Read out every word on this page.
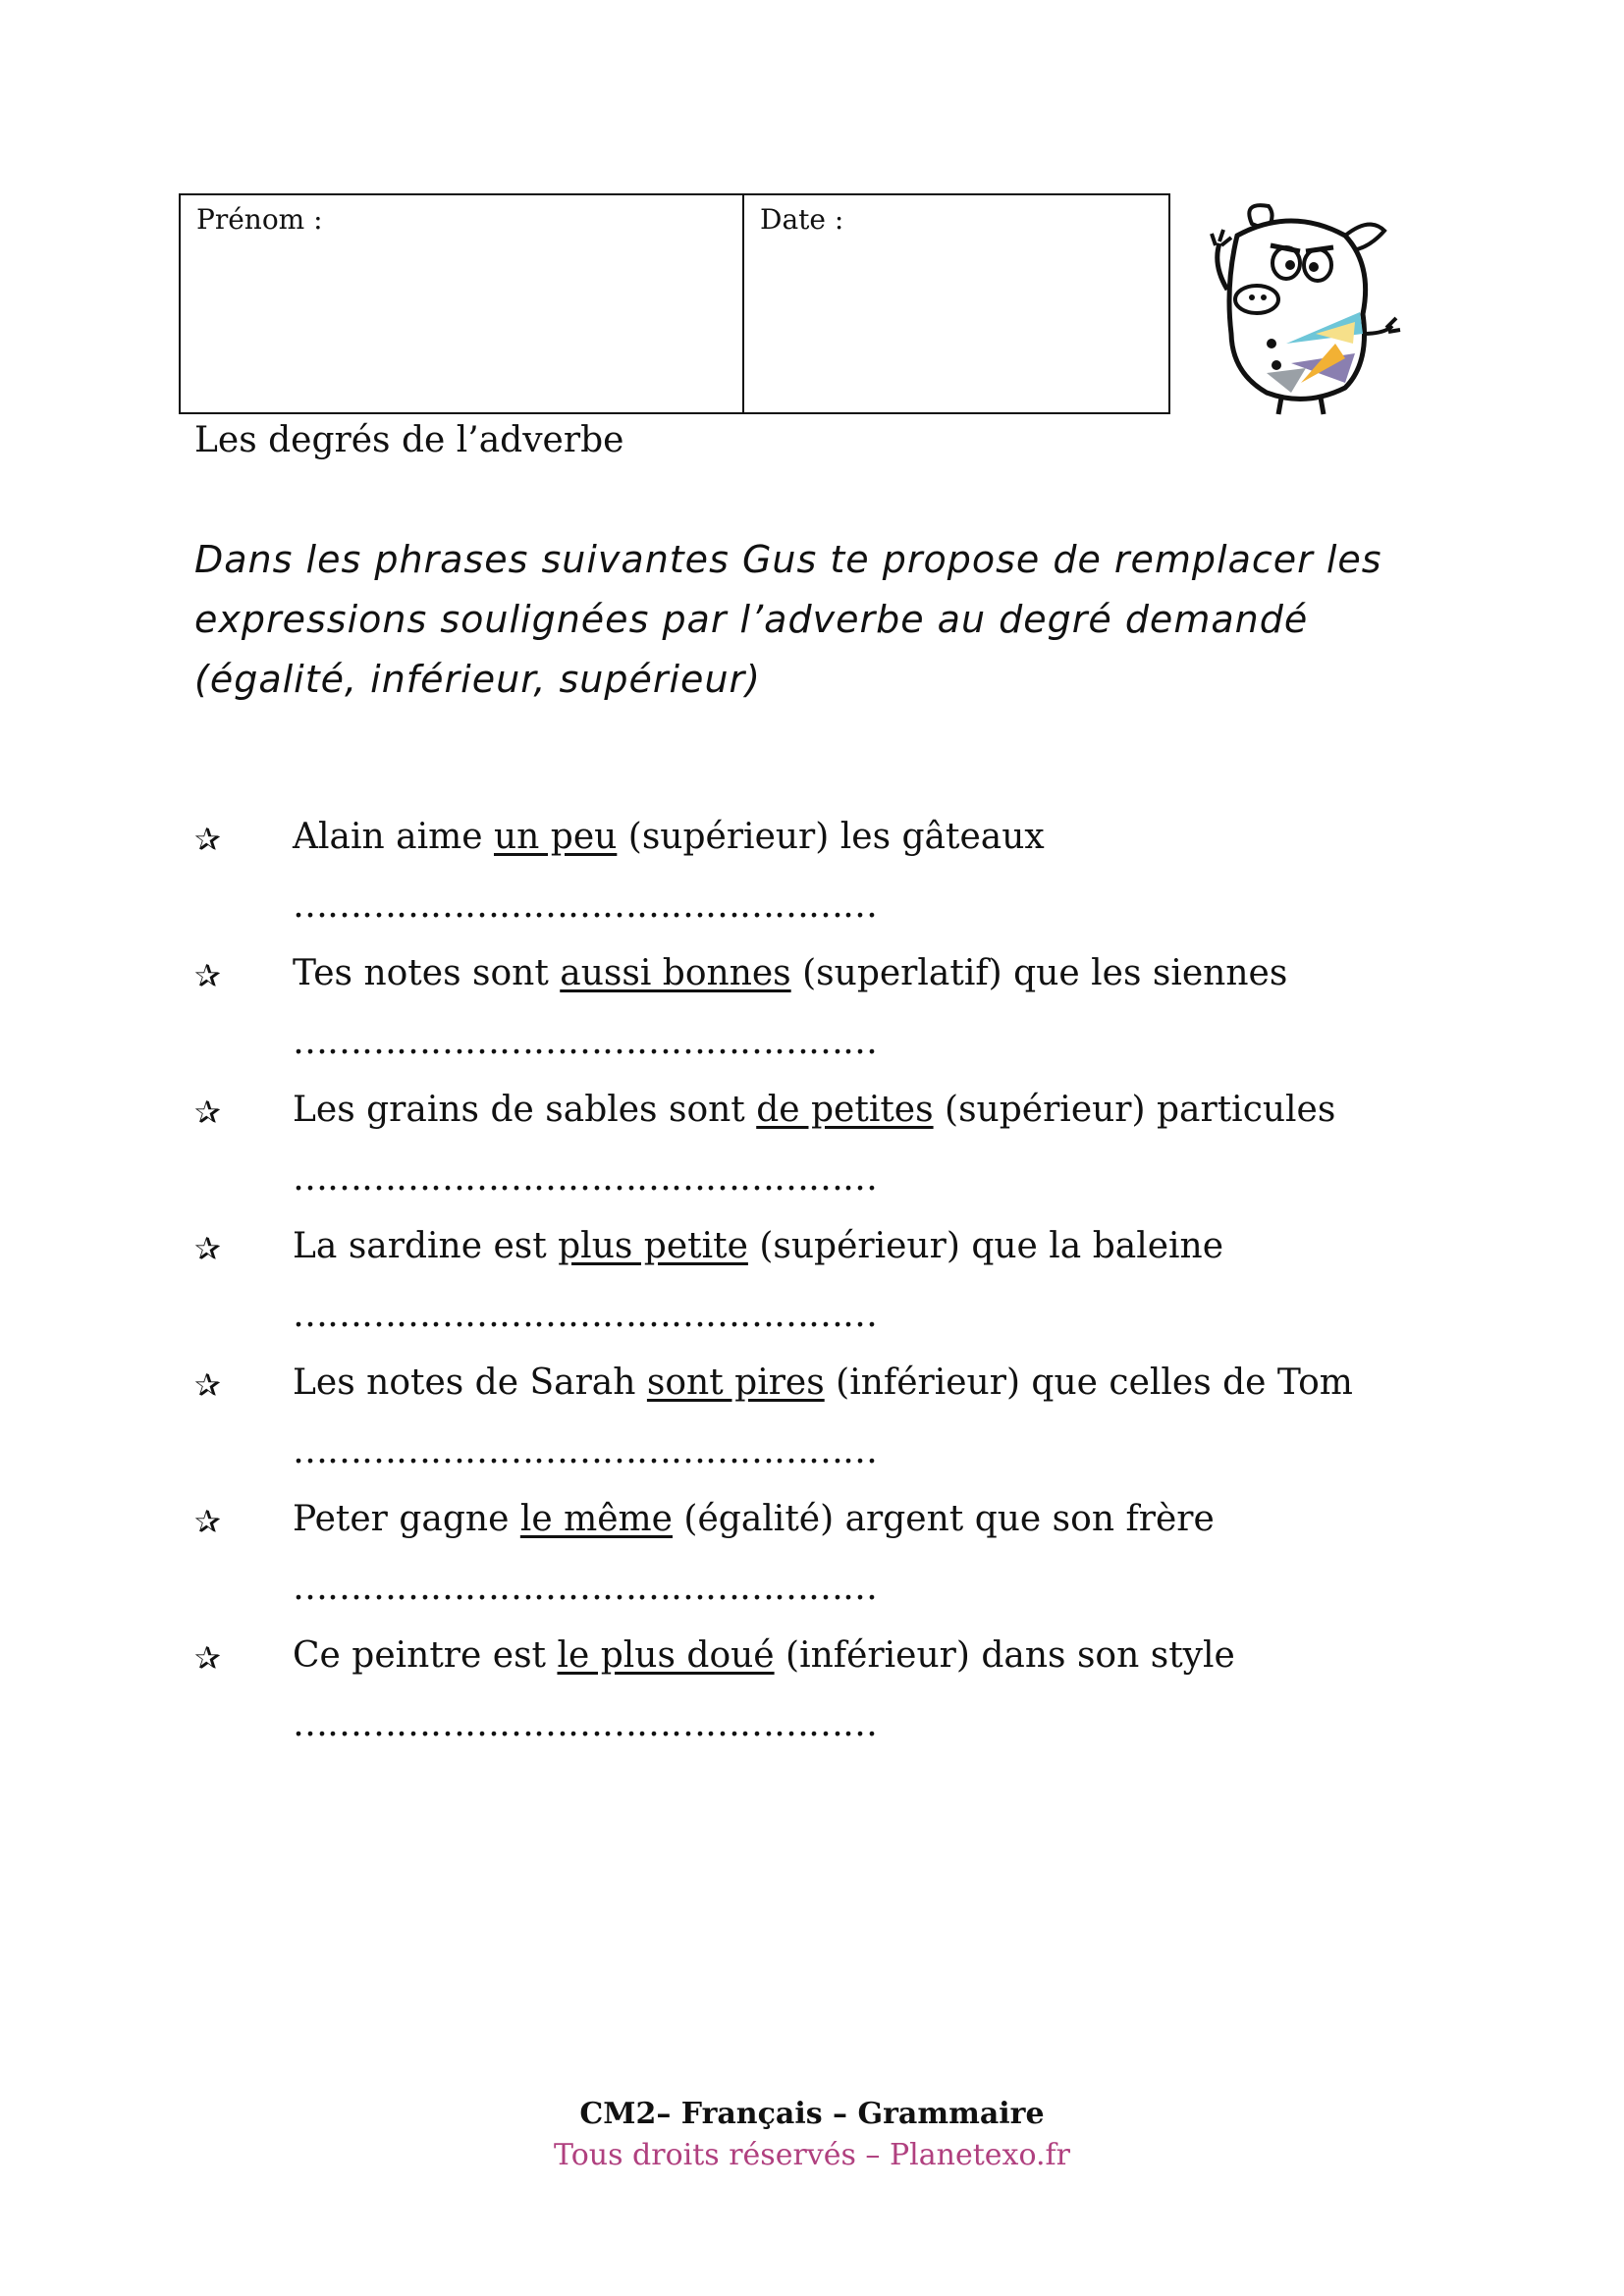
Prénom :	Date :
Les degrés de l’adverbe
Dans les phrases suivantes Gus te propose de remplacer les
expressions soulignées par l’adverbe au degré demandé
(égalité, inférieur, supérieur)
✰ Alain aime un peu (supérieur) les gâteaux
……………………………………………
✰ Tes notes sont aussi bonnes (superlatif) que les siennes
……………………………………………
✰ Les grains de sables sont de petites (supérieur) particules
……………………………………………
✰ La sardine est plus petite (supérieur) que la baleine
……………………………………………
✰ Les notes de Sarah sont pires (inférieur) que celles de Tom
……………………………………………
✰ Peter gagne le même (égalité) argent que son frère
……………………………………………
✰ Ce peintre est le plus doué (inférieur) dans son style
……………………………………………
CM2– Français – Grammaire
Tous droits réservés – Planetexo.fr
